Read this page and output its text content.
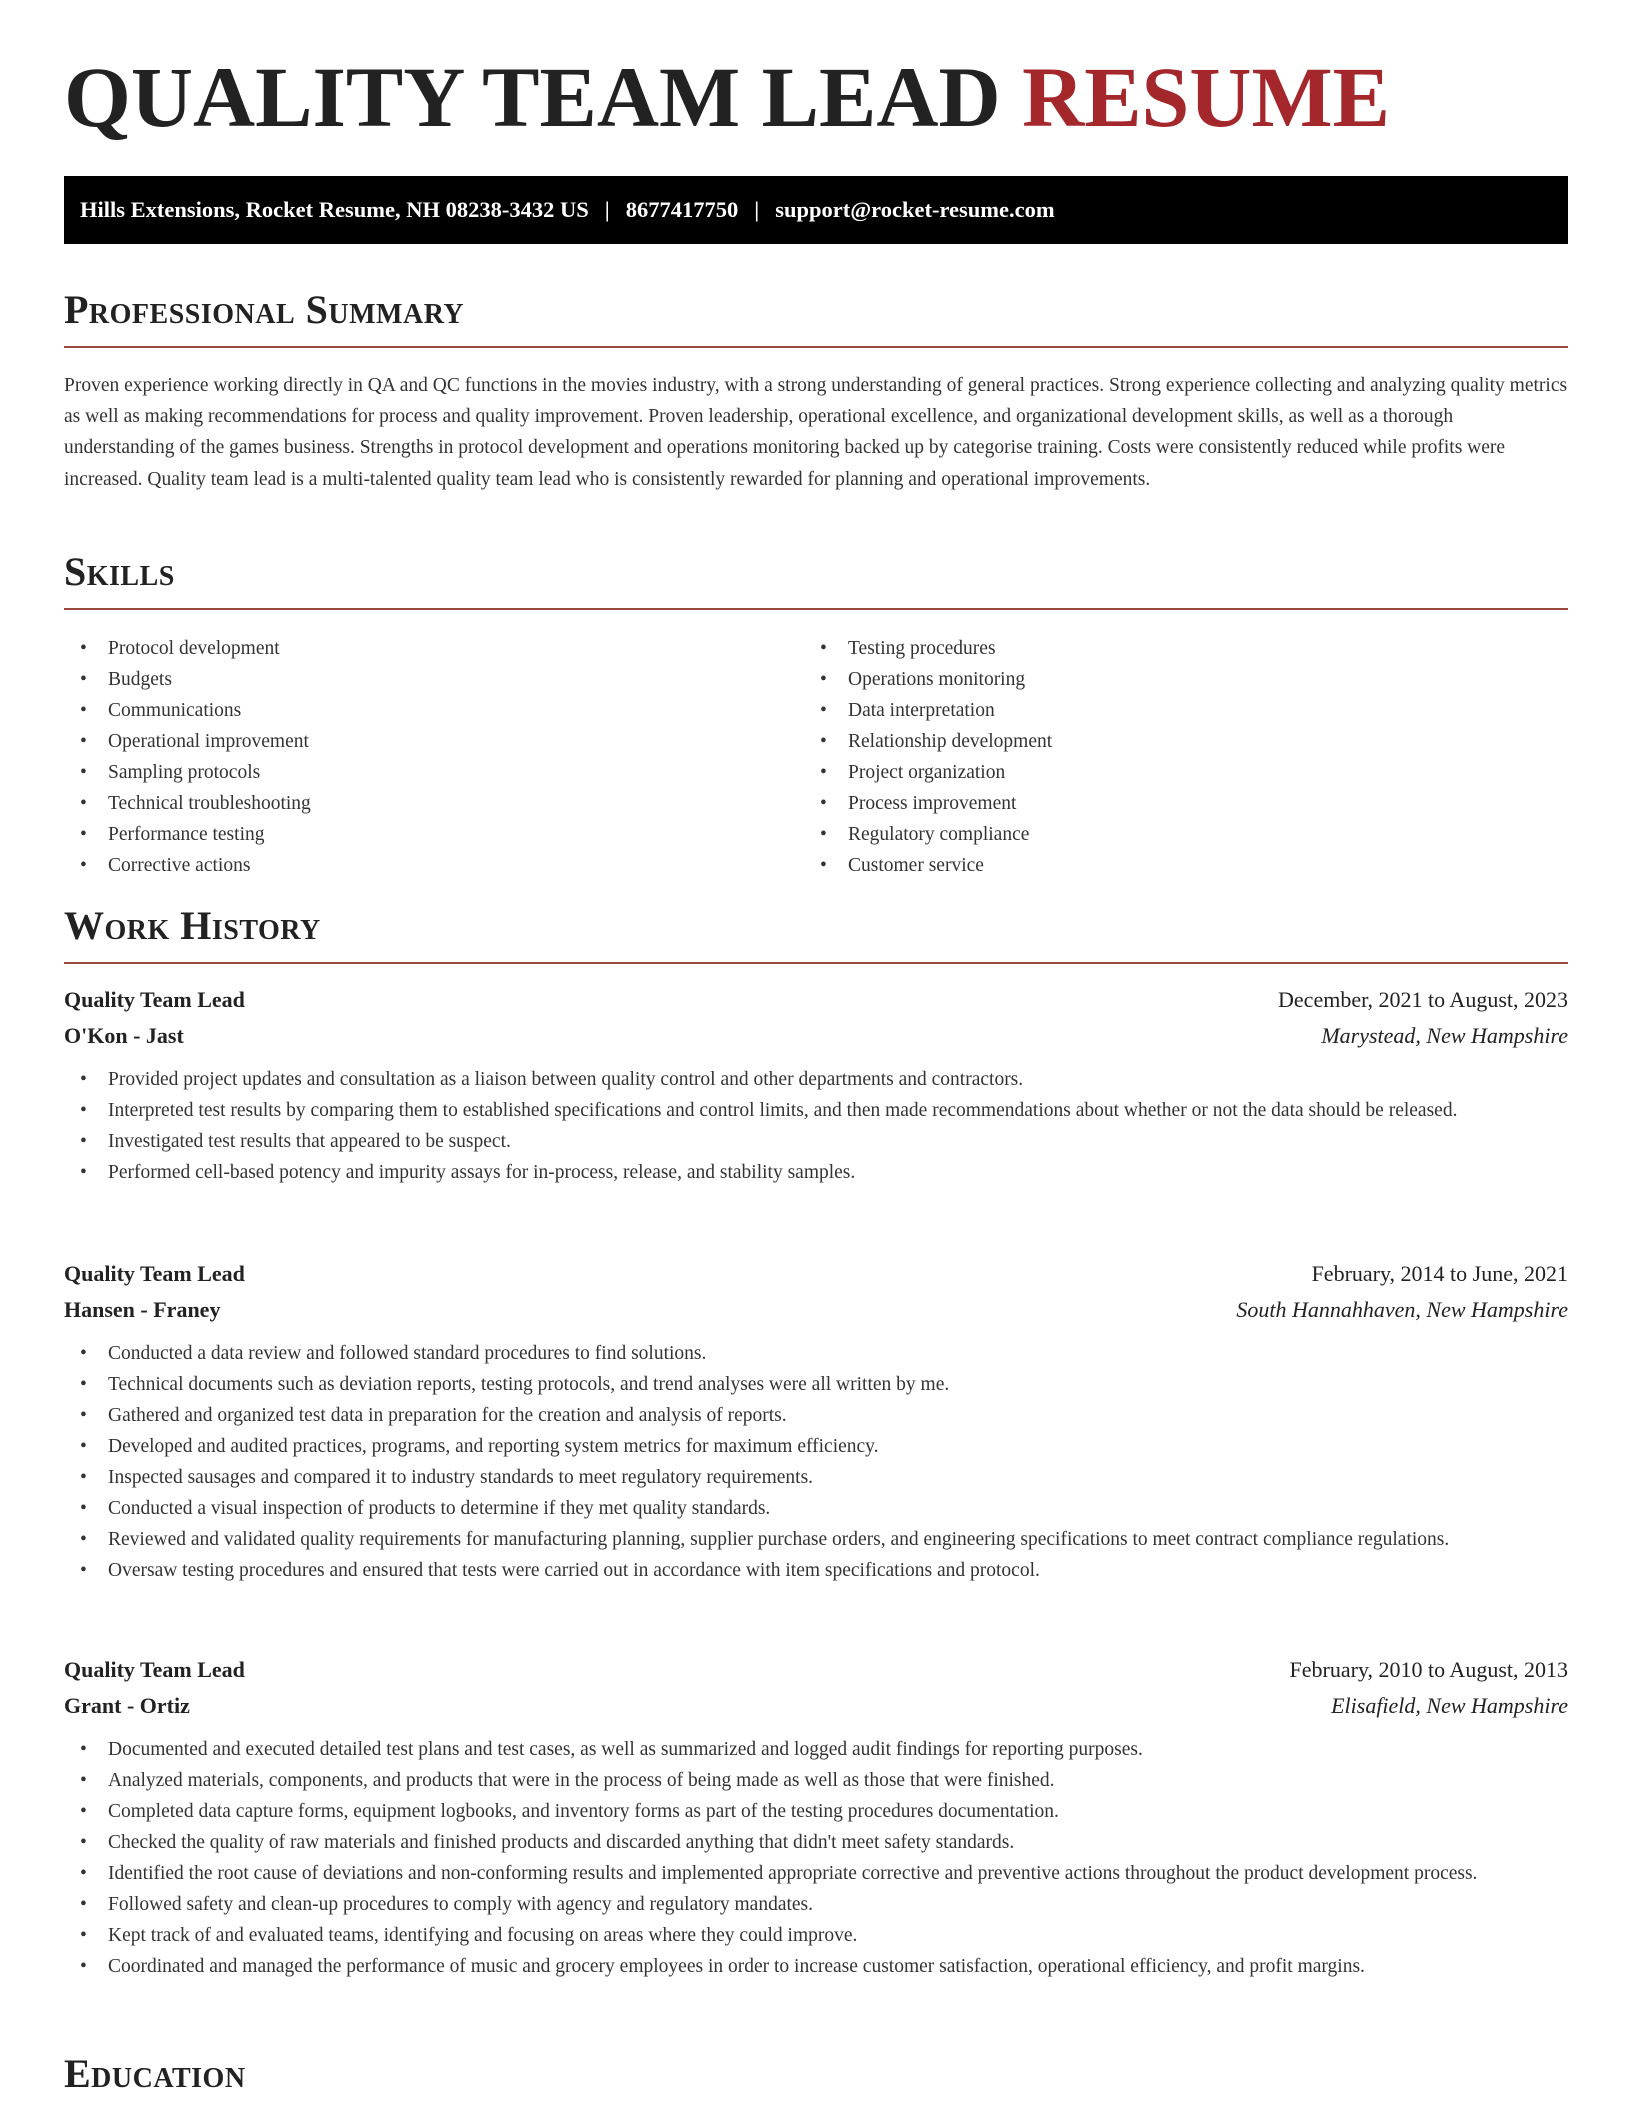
QUALITY TEAM LEAD RESUME
Hills Extensions, Rocket Resume, NH 08238-3432 US | 8677417750 | support@rocket-resume.com
Professional Summary

Proven experience working directly in QA and QC functions in the movies industry, with a strong understanding of general practices. Strong experience collecting and analyzing quality metrics as well as making recommendations for process and quality improvement. Proven leadership, operational excellence, and organizational development skills, as well as a thorough understanding of the games business. Strengths in protocol development and operations monitoring backed up by categorise training. Costs were consistently reduced while profits were increased. Quality team lead is a multi-talented quality team lead who is consistently rewarded for planning and operational improvements.

Skills
• Protocol development
• Budgets
• Communications
• Operational improvement
• Sampling protocols
• Technical troubleshooting
• Performance testing
• Corrective actions
• Testing procedures
• Operations monitoring
• Data interpretation
• Relationship development
• Project organization
• Process improvement
• Regulatory compliance
• Customer service
Work History
Quality Team Lead	December, 2021 to August, 2023
O'Kon - Jast	Marystead, New Hampshire
• Provided project updates and consultation as a liaison between quality control and other departments and contractors.
• Interpreted test results by comparing them to established specifications and control limits, and then made recommendations about whether or not the data should be released.
• Investigated test results that appeared to be suspect.
• Performed cell-based potency and impurity assays for in-process, release, and stability samples.
Quality Team Lead	February, 2014 to June, 2021
Hansen - Franey	South Hannahhaven, New Hampshire
• Conducted a data review and followed standard procedures to find solutions.
• Technical documents such as deviation reports, testing protocols, and trend analyses were all written by me.
• Gathered and organized test data in preparation for the creation and analysis of reports.
• Developed and audited practices, programs, and reporting system metrics for maximum efficiency.
• Inspected sausages and compared it to industry standards to meet regulatory requirements.
• Conducted a visual inspection of products to determine if they met quality standards.
• Reviewed and validated quality requirements for manufacturing planning, supplier purchase orders, and engineering specifications to meet contract compliance regulations.
• Oversaw testing procedures and ensured that tests were carried out in accordance with item specifications and protocol.
Quality Team Lead	February, 2010 to August, 2013
Grant - Ortiz	Elisafield, New Hampshire
• Documented and executed detailed test plans and test cases, as well as summarized and logged audit findings for reporting purposes.
• Analyzed materials, components, and products that were in the process of being made as well as those that were finished.
• Completed data capture forms, equipment logbooks, and inventory forms as part of the testing procedures documentation.
• Checked the quality of raw materials and finished products and discarded anything that didn't meet safety standards.
• Identified the root cause of deviations and non-conforming results and implemented appropriate corrective and preventive actions throughout the product development process.
• Followed safety and clean-up procedures to comply with agency and regulatory mandates.
• Kept track of and evaluated teams, identifying and focusing on areas where they could improve.
• Coordinated and managed the performance of music and grocery employees in order to increase customer satisfaction, operational efficiency, and profit margins.
Education
